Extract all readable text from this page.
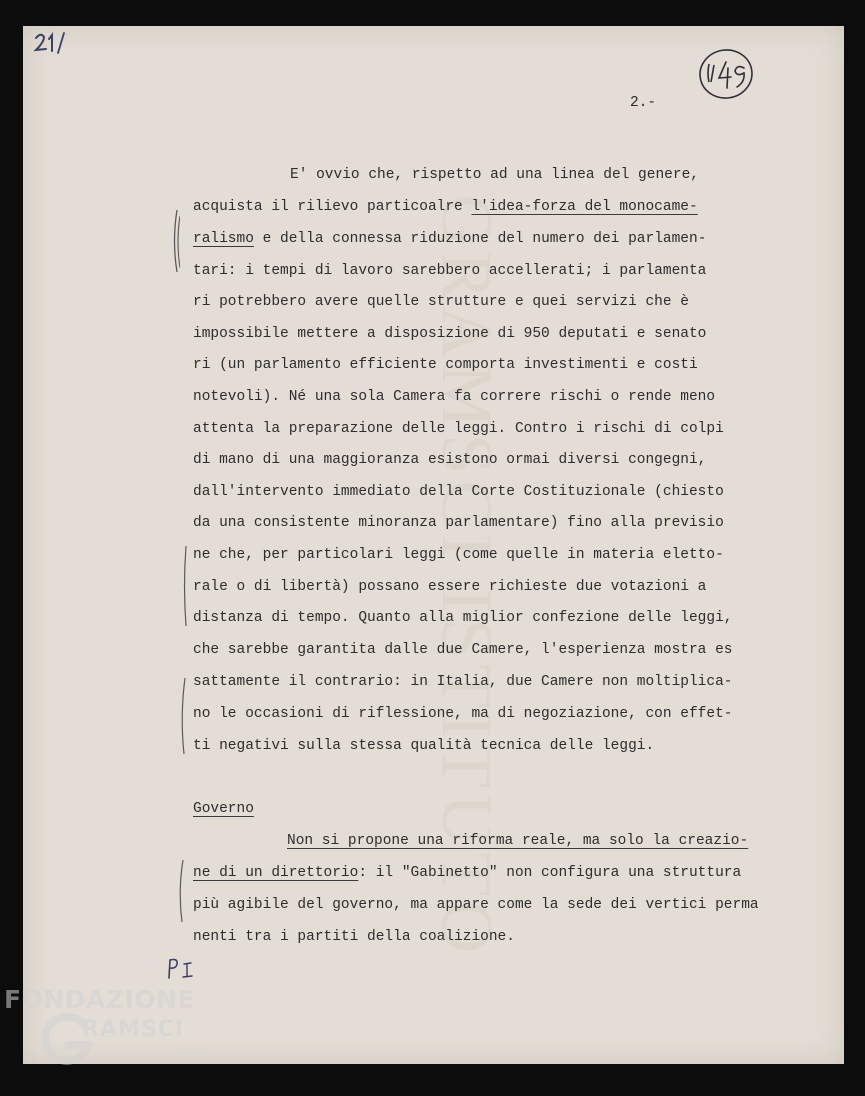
GRAMSCI ISTITUTO
2.-
E' ovvio che, rispetto ad una linea del genere,
acquista il rilievo particoalre l'idea-forza del monocame-
ralismo e della connessa riduzione del numero dei parlamen-
tari: i tempi di lavoro sarebbero accellerati; i parlamenta
ri potrebbero avere quelle strutture e quei servizi che è
impossibile mettere a disposizione di 950 deputati e senato
ri (un parlamento efficiente comporta investimenti e costi
notevoli). Né una sola Camera fa correre rischi o rende meno
attenta la preparazione delle leggi. Contro i rischi di colpi
di mano di una maggioranza esistono ormai diversi congegni,
dall'intervento immediato della Corte Costituzionale (chiesto
da una consistente minoranza parlamentare) fino alla previsio
ne che, per particolari leggi (come quelle in materia eletto-
rale o di libertà) possano essere richieste due votazioni a
distanza di tempo. Quanto alla miglior confezione delle leggi,
che sarebbe garantita dalle due Camere, l'esperienza mostra es
sattamente il contrario: in Italia, due Camere non moltiplica-
no le occasioni di riflessione, ma di negoziazione, con effet-
ti negativi sulla stessa qualità tecnica delle leggi.
Governo
Non si propone una riforma reale, ma solo la creazio-
ne di un direttorio: il "Gabinetto" non configura una struttura
più agibile del governo, ma appare come la sede dei vertici perma
nenti tra i partiti della coalizione.
FONDAZIONE
RAMSCI
onlus
